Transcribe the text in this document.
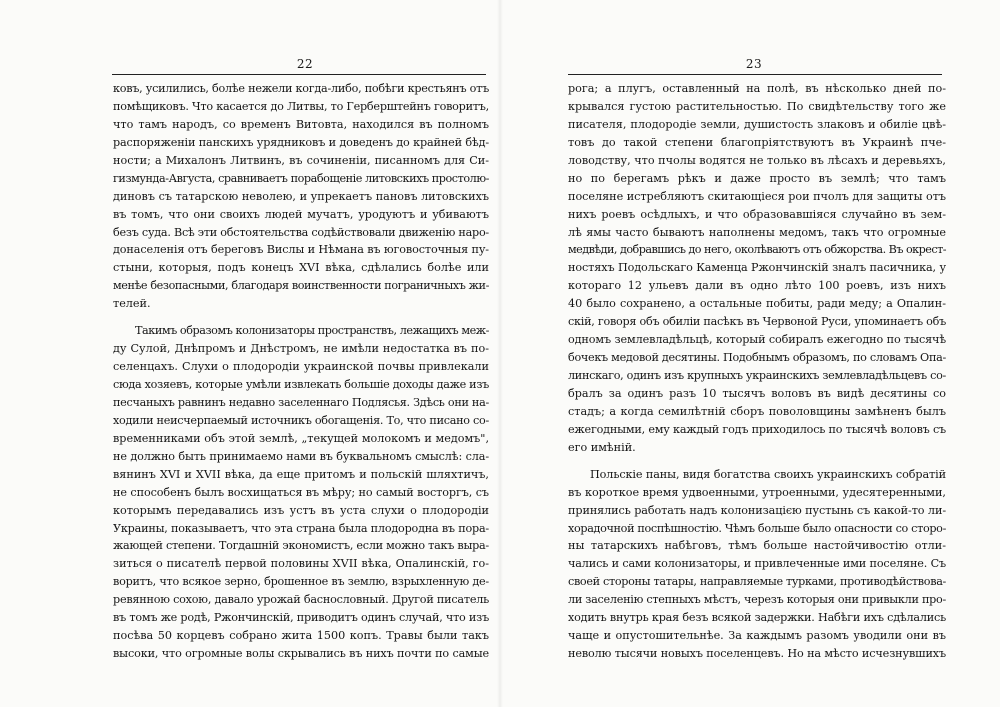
22
ковъ, усилились, болѣе нежели когда-либо, побѣги крестьянъ отъ
помѣщиковъ. Что касается до Литвы, то Герберштейнъ говоритъ,
что тамъ народъ, со временъ Витовта, находился въ полномъ
распоряженіи панскихъ урядниковъ и доведенъ до крайней бѣд-
ности; а Михалонъ Литвинъ, въ сочиненіи, писанномъ для Си-
гизмунда-Августа, сравниваетъ порабощеніе литовскихъ простолю-
диновъ съ татарскою неволею, и упрекаетъ пановъ литовскихъ
въ томъ, что они своихъ людей мучатъ, уродуютъ и убиваютъ
безъ суда. Всѣ эти обстоятельства содѣйствовали движенію наро-
донаселенія отъ береговъ Вислы и Нѣмана въ юговосточныя пу-
стыни, которыя, подъ конецъ XVI вѣка, сдѣлались болѣе или
менѣе безопасными, благодаря воинственности пограничныхъ жи-
телей.
Такимъ образомъ колонизаторы пространствъ, лежащихъ меж-
ду Сулой, Днѣпромъ и Днѣстромъ, не имѣли недостатка въ по-
селенцахъ. Слухи о плодородіи украинской почвы привлекали
сюда хозяевъ, которые умѣли извлекать большіе доходы даже изъ
песчаныхъ равнинъ недавно заселеннаго Подлясья. Здѣсь они на-
ходили неисчерпаемый источникъ обогащенія. То, что писано со-
временниками объ этой землѣ, „текущей молокомъ и медомъ",
не должно быть принимаемо нами въ буквальномъ смыслѣ: сла-
вянинъ XVI и XVII вѣка, да еще притомъ и польскій шляхтичъ,
не способенъ былъ восхищаться въ мѣру; но самый восторгъ, съ
которымъ передавались изъ устъ въ уста слухи о плодородіи
Украины, показываетъ, что эта страна была плодородна въ пора-
жающей степени. Тогдашній экономистъ, если можно такъ выра-
зиться о писателѣ первой половины XVII вѣка, Опалинскій, го-
воритъ, что всякое зерно, брошенное въ землю, взрыхленную де-
ревянною сохою, давало урожай баснословный. Другой писатель
въ томъ же родѣ, Ржончинскій, приводитъ одинъ случай, что изъ
посѣва 50 корцевъ собрано жита 1500 копъ. Травы были такъ
высоки, что огромные волы скрывались въ нихъ почти по самые
23
рога; а плугъ, оставленный на полѣ, въ нѣсколько дней по-
крывался густою растительностью. По свидѣтельству того же
писателя, плодородіе земли, душистость злаковъ и обиліе цвѣ-
товъ до такой степени благопріятствуютъ въ Украинѣ пче-
ловодству, что пчолы водятся не только въ лѣсахъ и деревьяхъ,
но по берегамъ рѣкъ и даже просто въ землѣ; что тамъ
поселяне истребляютъ скитающіеся рои пчолъ для защиты отъ
нихъ роевъ осѣдлыхъ, и что образовавшіяся случайно въ зем-
лѣ ямы часто бываютъ наполнены медомъ, такъ что огромные
медвѣди, добравшись до него, околѣваютъ отъ обжорства. Въ окрест-
ностяхъ Подольскаго Каменца Ржончинскій зналъ пасичника, у
котораго 12 ульевъ дали въ одно лѣто 100 роевъ, изъ нихъ
40 было сохранено, а остальные побиты, ради меду; а Опалин-
скій, говоря объ обиліи пасѣкъ въ Червоной Руси, упоминаетъ объ
одномъ землевладѣльцѣ, который собиралъ ежегодно по тысячѣ
бочекъ медовой десятины. Подобнымъ образомъ, по словамъ Опа-
линскаго, одинъ изъ крупныхъ украинскихъ землевладѣльцевъ со-
бралъ за одинъ разъ 10 тысячъ воловъ въ видѣ десятины со
стадъ; а когда семилѣтній сборъ поволовщины замѣненъ былъ
ежегодными, ему каждый годъ приходилось по тысячѣ воловъ съ
его имѣній.
Польскіе паны, видя богатства своихъ украинскихъ собратій
въ короткое время удвоенными, утроенными, удесятеренными,
принялись работать надъ колонизацією пустынь съ какой-то ли-
хорадочной поспѣшностію. Чѣмъ больше было опасности со сторо-
ны татарскихъ набѣговъ, тѣмъ больше настойчивостію отли-
чались и сами колонизаторы, и привлеченные ими поселяне. Съ
своей стороны татары, направляемые турками, противодѣйствова-
ли заселенію степныхъ мѣстъ, черезъ которыя они привыкли про-
ходить внутрь края безъ всякой задержки. Набѣги ихъ сдѣлались
чаще и опустошительнѣе. За каждымъ разомъ уводили они въ
неволю тысячи новыхъ поселенцевъ. Но на мѣсто исчезнувшихъ
